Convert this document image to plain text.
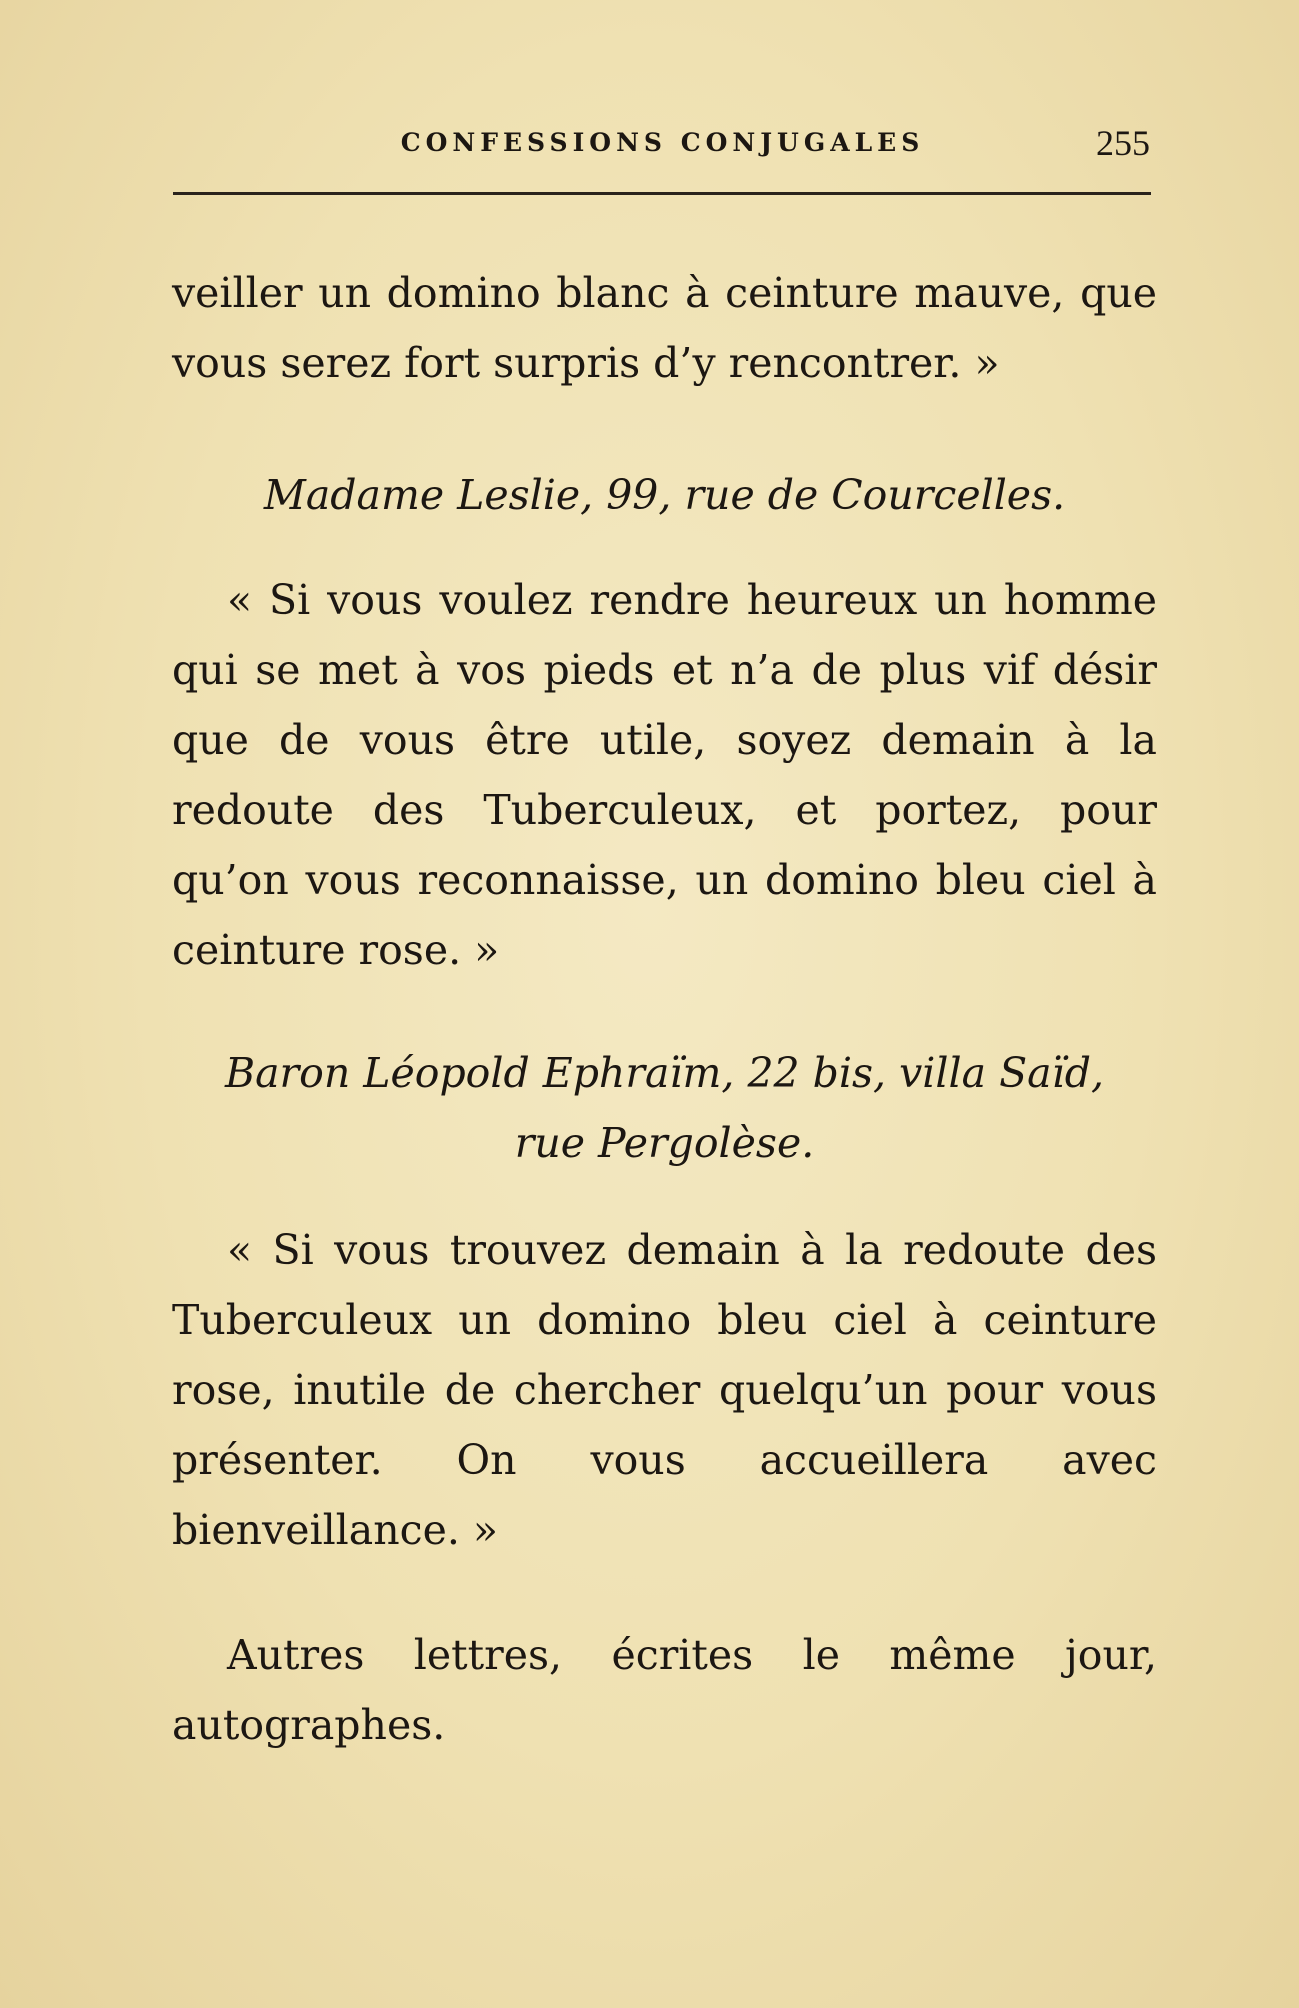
CONFESSIONS CONJUGALES	255

veiller un domino blanc à ceinture mauve, que vous serez fort surpris d’y rencontrer. »

Madame Leslie, 99, rue de Courcelles.

« Si vous voulez rendre heureux un homme qui se met à vos pieds et n’a de plus vif désir que de vous être utile, soyez demain à la redoute des Tuberculeux, et portez, pour qu’on vous reconnaisse, un domino bleu ciel à ceinture rose. »

Baron Léopold Ephraïm, 22 bis, villa Saïd,
rue Pergolèse.

« Si vous trouvez demain à la redoute des Tuberculeux un domino bleu ciel à ceinture rose, inutile de chercher quelqu’un pour vous présenter. On vous accueillera avec bienveillance. »

Autres lettres, écrites le même jour, autographes.
